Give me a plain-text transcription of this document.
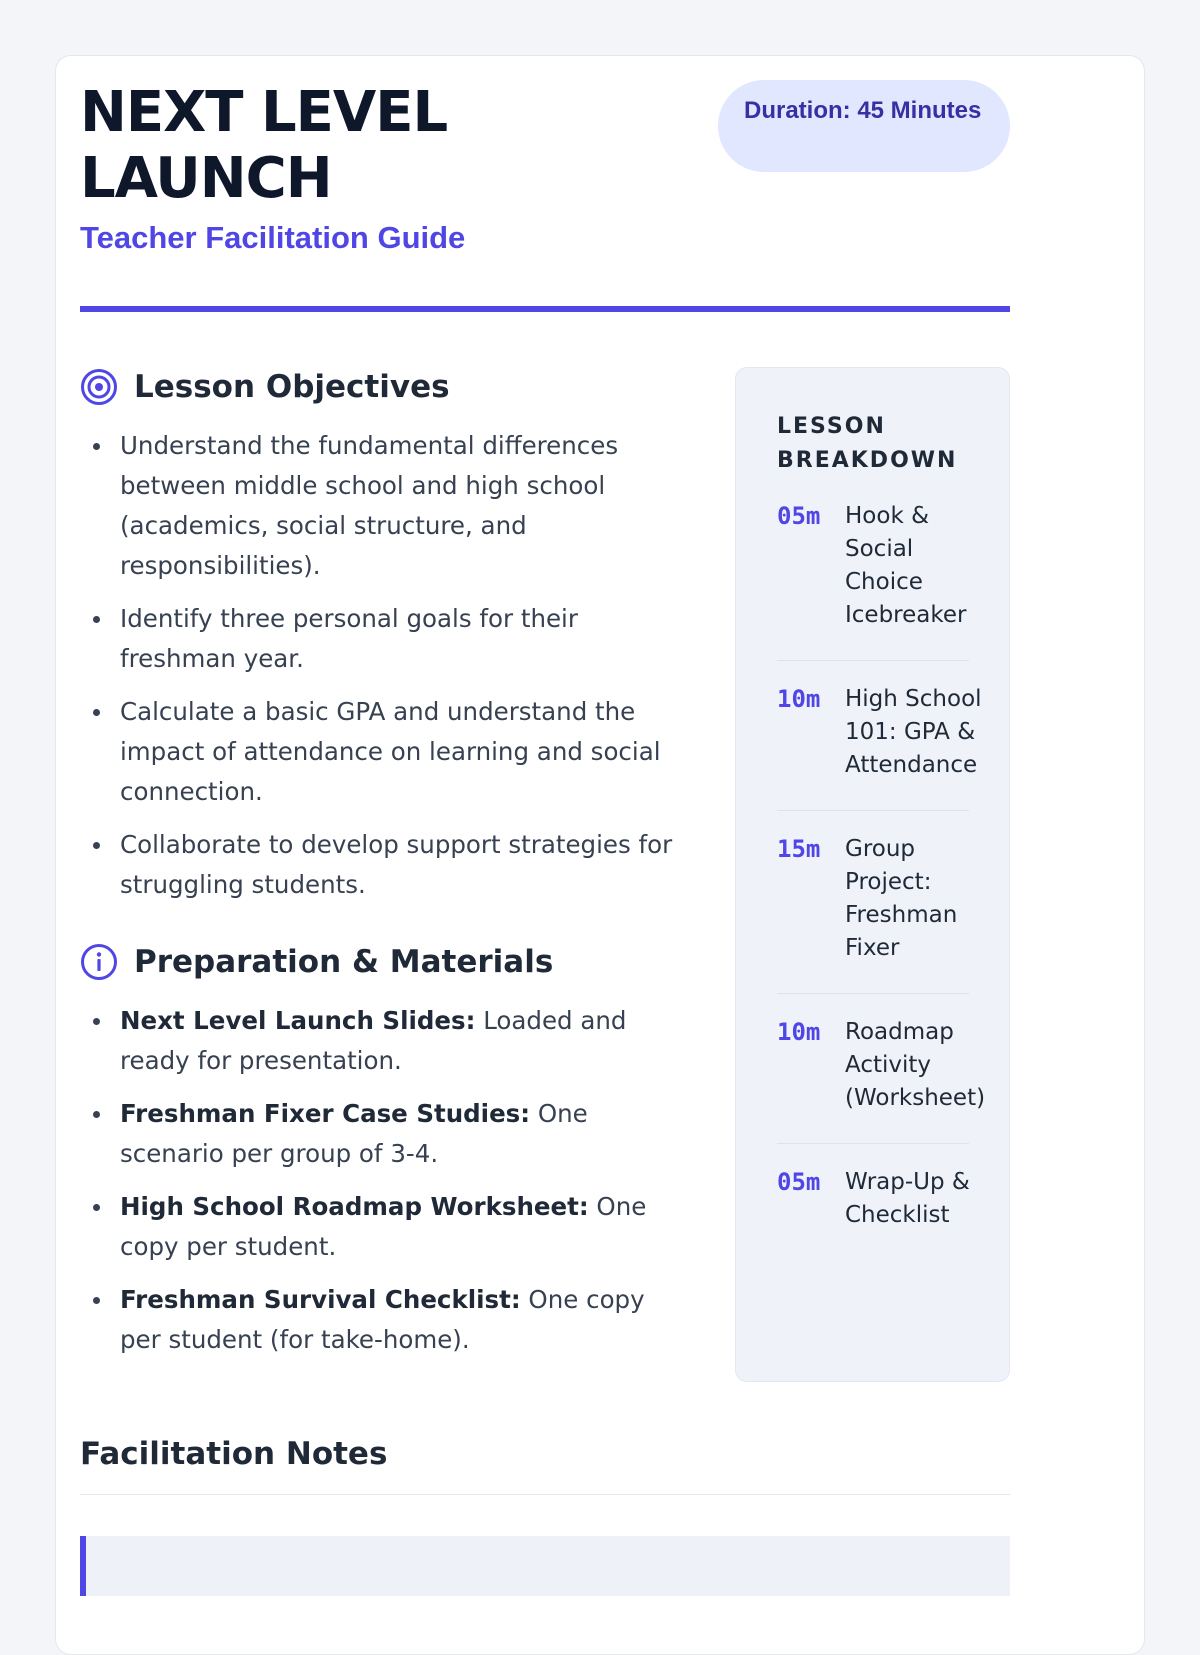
NEXT LEVEL LAUNCH
Teacher Facilitation Guide
Duration: 45 Minutes
Lesson Objectives
Understand the fundamental differences between middle school and high school (academics, social structure, and responsibilities).
Identify three personal goals for their freshman year.
Calculate a basic GPA and understand the impact of attendance on learning and social connection.
Collaborate to develop support strategies for struggling students.
Preparation & Materials
Next Level Launch Slides: Loaded and ready for presentation.
Freshman Fixer Case Studies: One scenario per group of 3-4.
High School Roadmap Worksheet: One copy per student.
Freshman Survival Checklist: One copy per student (for take-home).
LESSON BREAKDOWN
05m	Hook & Social Choice Icebreaker
10m	High School 101: GPA & Attendance
15m	Group Project: Freshman Fixer
10m	Roadmap Activity (Worksheet)
05m	Wrap-Up & Checklist
Facilitation Notes
